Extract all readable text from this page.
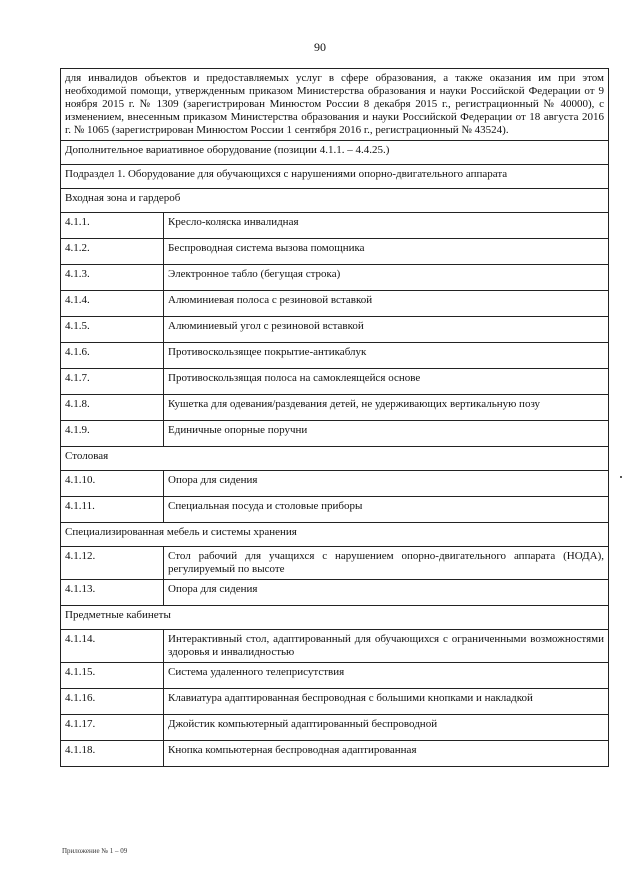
90
для инвалидов объектов и предоставляемых услуг в сфере образования, а также оказания им при этом необходимой помощи, утвержденным приказом Министерства образования и науки Российской Федерации от 9 ноября 2015 г. № 1309 (зарегистрирован Минюстом России 8 декабря 2015 г., регистрационный № 40000), с изменением, внесенным приказом Министерства образования и науки Российской Федерации от 18 августа 2016 г. № 1065 (зарегистрирован Минюстом России 1 сентября 2016 г., регистрационный № 43524).	
Дополнительное вариативное оборудование (позиции 4.1.1. – 4.4.25.)	
Подраздел 1. Оборудование для обучающихся с нарушениями опорно-двигательного аппарата	
Входная зона и гардероб	
4.1.1.	Кресло-коляска инвалидная
4.1.2.	Беспроводная система вызова помощника
4.1.3.	Электронное табло (бегущая строка)
4.1.4.	Алюминиевая полоса с резиновой вставкой
4.1.5.	Алюминиевый угол с резиновой вставкой
4.1.6.	Противоскользящее покрытие-антикаблук
4.1.7.	Противоскользящая полоса на самоклеящейся основе
4.1.8.	Кушетка для одевания/раздевания детей, не удерживающих вертикальную позу
4.1.9.	Единичные опорные поручни
Столовая	
4.1.10.	Опора для сидения
4.1.11.	Специальная посуда и столовые приборы
Специализированная мебель и системы хранения	
4.1.12.	Стол рабочий для учащихся с нарушением опорно-двигательного аппарата (НОДА), регулируемый по высоте
4.1.13.	Опора для сидения
Предметные кабинеты	
4.1.14.	Интерактивный стол, адаптированный для обучающихся с ограниченными возможностями здоровья и инвалидностью
4.1.15.	Система удаленного телеприсутствия
4.1.16.	Клавиатура адаптированная беспроводная с большими кнопками и накладкой
4.1.17.	Джойстик компьютерный адаптированный беспроводной
4.1.18.	Кнопка компьютерная беспроводная адаптированная
Приложение № 1 – 09
